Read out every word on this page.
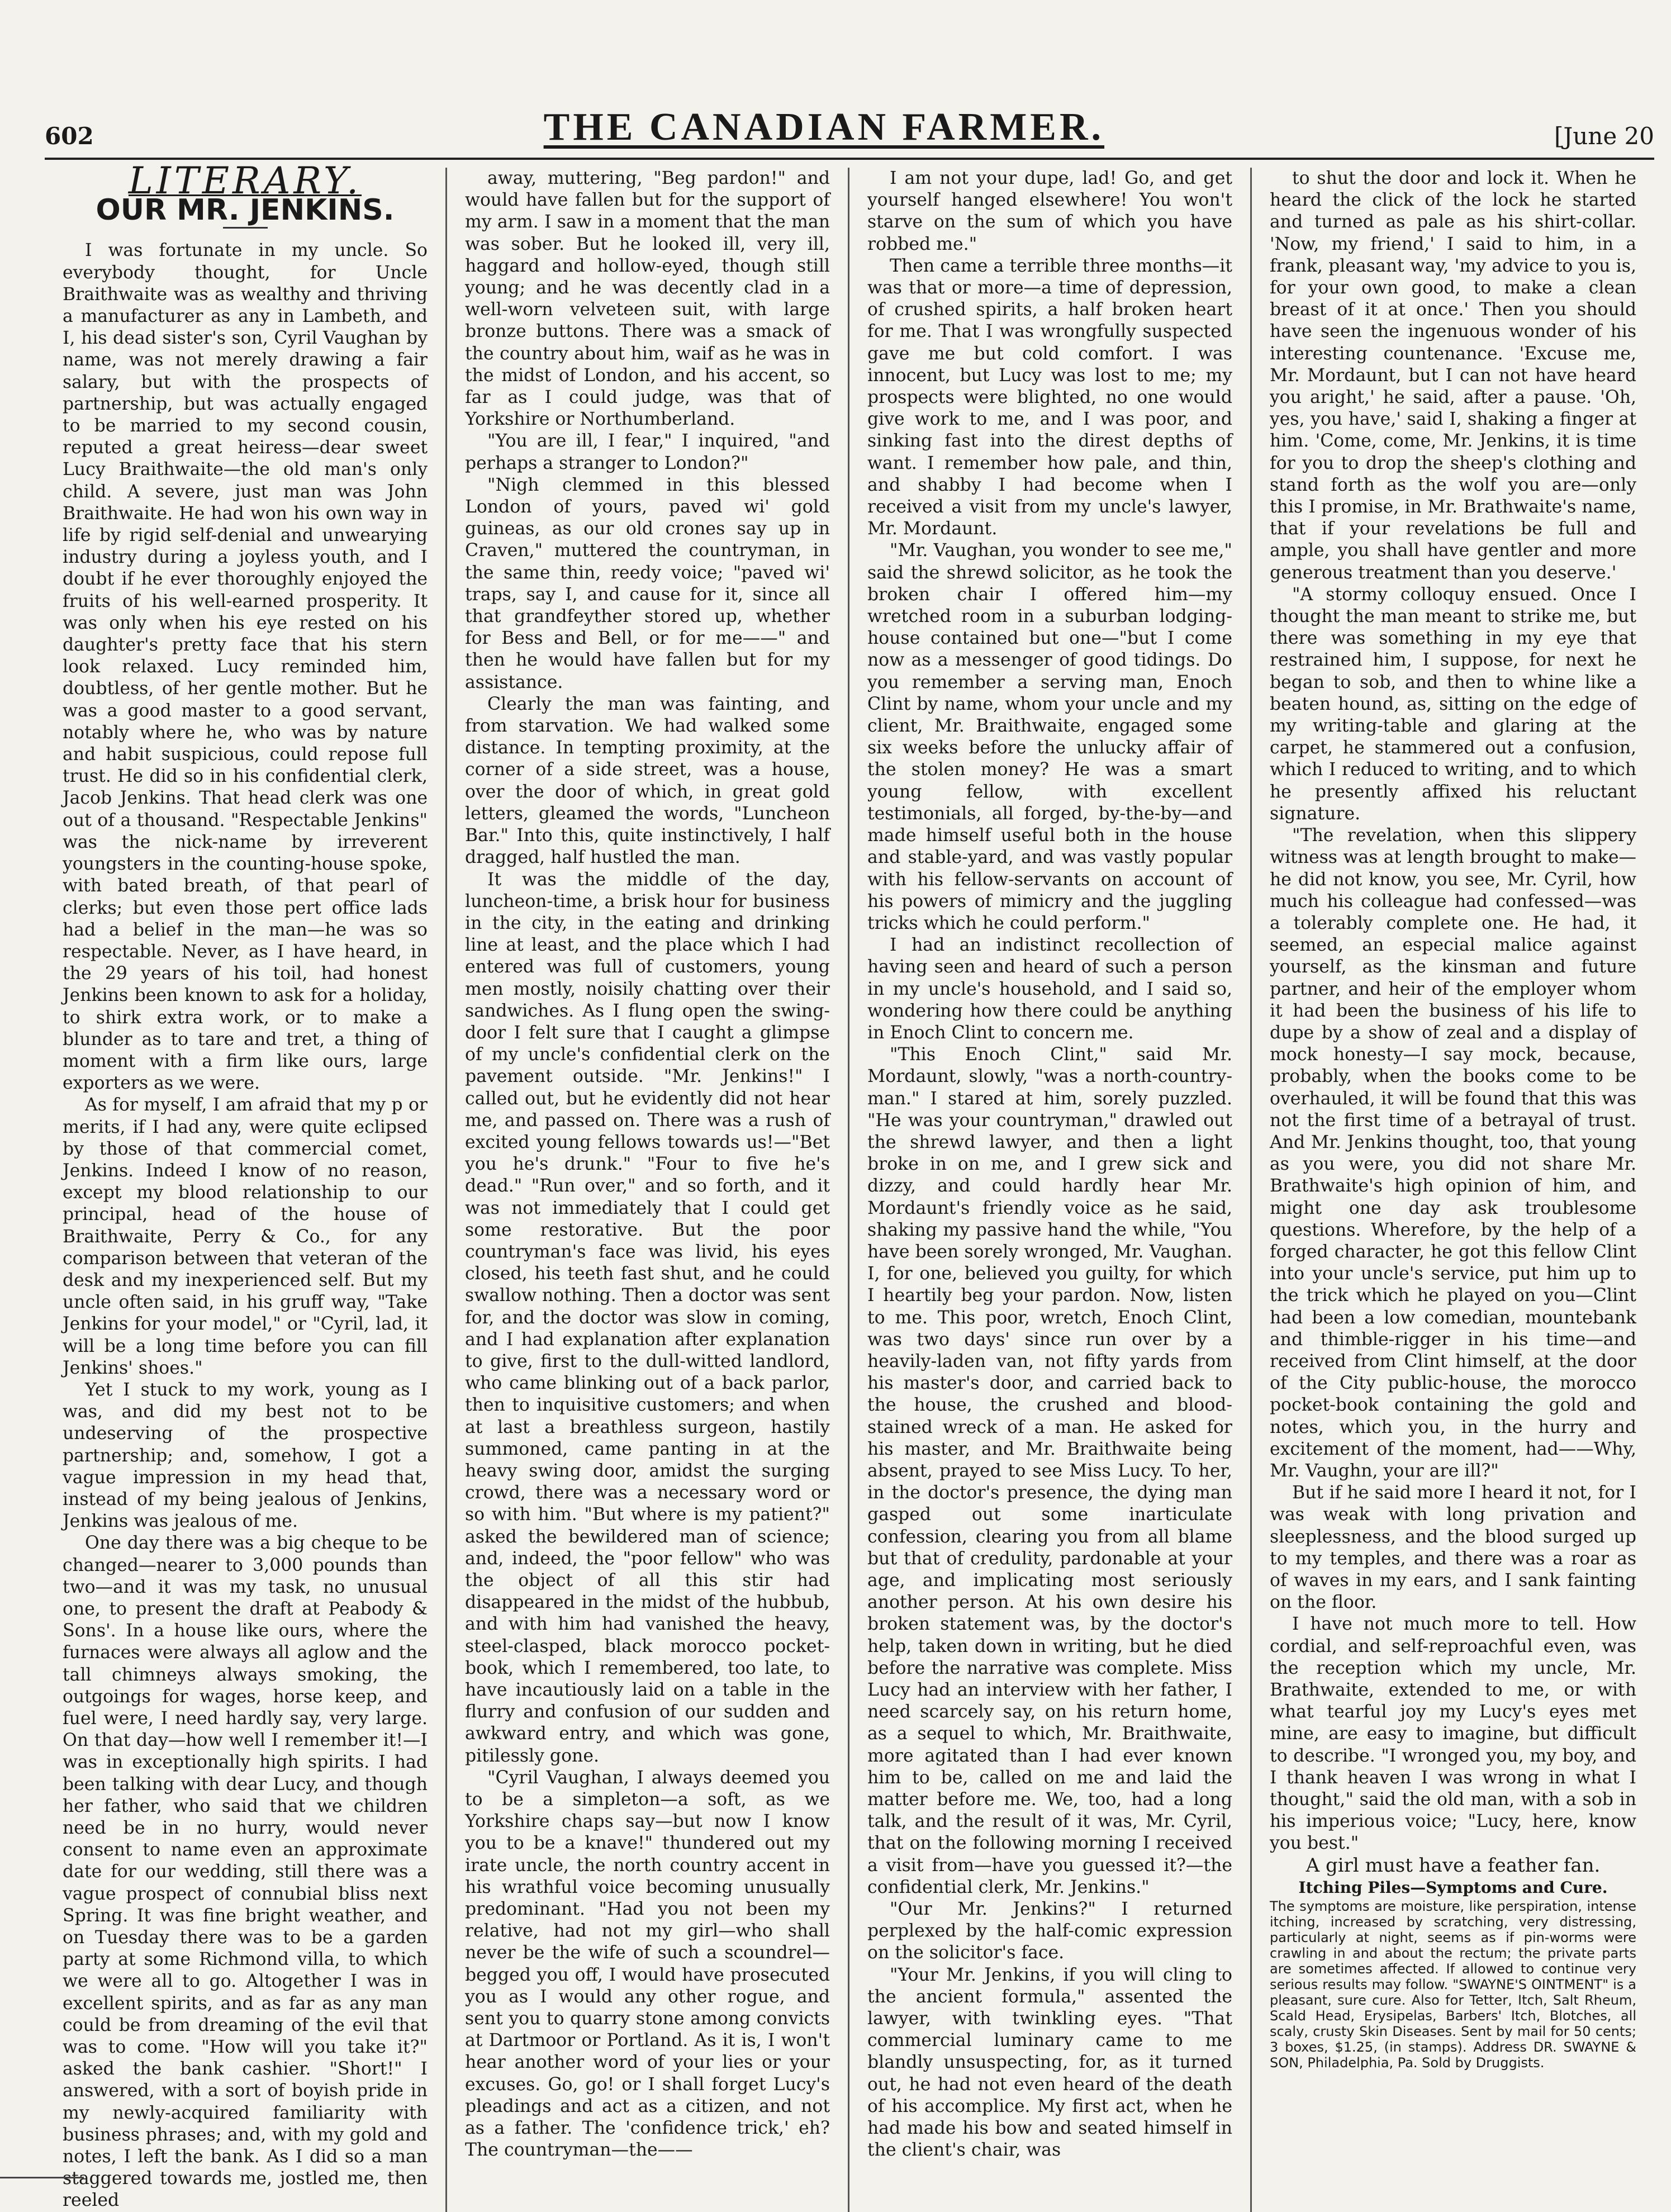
602	THE CANADIAN FARMER.	[June 20
LITERARY.
OUR MR. JENKINS.

I was fortunate in my uncle. So everybody thought, for Uncle Braithwaite was as wealthy and thriving a manufacturer as any in Lambeth, and I, his dead sister's son, Cyril Vaughan by name, was not merely drawing a fair salary, but with the prospects of partnership, but was actually engaged to be married to my second cousin, reputed a great heiress—dear sweet Lucy Braithwaite—the old man's only child. A severe, just man was John Braithwaite. He had won his own way in life by rigid self-denial and unwearying industry during a joyless youth, and I doubt if he ever thoroughly enjoyed the fruits of his well-earned prosperity. It was only when his eye rested on his daughter's pretty face that his stern look relaxed. Lucy reminded him, doubtless, of her gentle mother. But he was a good master to a good servant, notably where he, who was by nature and habit suspicious, could repose full trust. He did so in his confidential clerk, Jacob Jenkins. That head clerk was one out of a thousand. "Respectable Jenkins" was the nick-name by irreverent youngsters in the counting-house spoke, with bated breath, of that pearl of clerks; but even those pert office lads had a belief in the man—he was so respectable. Never, as I have heard, in the 29 years of his toil, had honest Jenkins been known to ask for a holiday, to shirk extra work, or to make a blunder as to tare and tret, a thing of moment with a firm like ours, large exporters as we were.

As for myself, I am afraid that my p or merits, if I had any, were quite eclipsed by those of that commercial comet, Jenkins. Indeed I know of no reason, except my blood relationship to our principal, head of the house of Braithwaite, Perry & Co., for any comparison between that veteran of the desk and my inexperienced self. But my uncle often said, in his gruff way, "Take Jenkins for your model," or "Cyril, lad, it will be a long time before you can fill Jenkins' shoes."

Yet I stuck to my work, young as I was, and did my best not to be undeserving of the prospective partnership; and, somehow, I got a vague impression in my head that, instead of my being jealous of Jenkins, Jenkins was jealous of me.

One day there was a big cheque to be changed—nearer to 3,000 pounds than two—and it was my task, no unusual one, to present the draft at Peabody & Sons'. In a house like ours, where the furnaces were always all aglow and the tall chimneys always smoking, the outgoings for wages, horse keep, and fuel were, I need hardly say, very large. On that day—how well I remember it!—I was in exceptionally high spirits. I had been talking with dear Lucy, and though her father, who said that we children need be in no hurry, would never consent to name even an approximate date for our wedding, still there was a vague prospect of connubial bliss next Spring. It was fine bright weather, and on Tuesday there was to be a garden party at some Richmond villa, to which we were all to go. Altogether I was in excellent spirits, and as far as any man could be from dreaming of the evil that was to come. "How will you take it?" asked the bank cashier. "Short!" I answered, with a sort of boyish pride in my newly-acquired familiarity with business phrases; and, with my gold and notes, I left the bank. As I did so a man staggered towards me, jostled me, then reeled

away, muttering, "Beg pardon!" and would have fallen but for the support of my arm. I saw in a moment that the man was sober. But he looked ill, very ill, haggard and hollow-eyed, though still young; and he was decently clad in a well-worn velveteen suit, with large bronze buttons. There was a smack of the country about him, waif as he was in the midst of London, and his accent, so far as I could judge, was that of Yorkshire or Northumberland.

"You are ill, I fear," I inquired, "and perhaps a stranger to London?"

"Nigh clemmed in this blessed London of yours, paved wi' gold guineas, as our old crones say up in Craven," muttered the countryman, in the same thin, reedy voice; "paved wi' traps, say I, and cause for it, since all that grandfeyther stored up, whether for Bess and Bell, or for me——" and then he would have fallen but for my assistance.

Clearly the man was fainting, and from starvation. We had walked some distance. In tempting proximity, at the corner of a side street, was a house, over the door of which, in great gold letters, gleamed the words, "Luncheon Bar." Into this, quite instinctively, I half dragged, half hustled the man.

It was the middle of the day, luncheon-time, a brisk hour for business in the city, in the eating and drinking line at least, and the place which I had entered was full of customers, young men mostly, noisily chatting over their sandwiches. As I flung open the swing-door I felt sure that I caught a glimpse of my uncle's confidential clerk on the pavement outside. "Mr. Jenkins!" I called out, but he evidently did not hear me, and passed on. There was a rush of excited young fellows towards us!—"Bet you he's drunk." "Four to five he's dead." "Run over," and so forth, and it was not immediately that I could get some restorative. But the poor countryman's face was livid, his eyes closed, his teeth fast shut, and he could swallow nothing. Then a doctor was sent for, and the doctor was slow in coming, and I had explanation after explanation to give, first to the dull-witted landlord, who came blinking out of a back parlor, then to inquisitive customers; and when at last a breathless surgeon, hastily summoned, came panting in at the heavy swing door, amidst the surging crowd, there was a necessary word or so with him. "But where is my patient?" asked the bewildered man of science; and, indeed, the "poor fellow" who was the object of all this stir had disappeared in the midst of the hubbub, and with him had vanished the heavy, steel-clasped, black morocco pocket-book, which I remembered, too late, to have incautiously laid on a table in the flurry and confusion of our sudden and awkward entry, and which was gone, pitilessly gone.

"Cyril Vaughan, I always deemed you to be a simpleton—a soft, as we Yorkshire chaps say—but now I know you to be a knave!" thundered out my irate uncle, the north country accent in his wrathful voice becoming unusually predominant. "Had you not been my relative, had not my girl—who shall never be the wife of such a scoundrel—begged you off, I would have prosecuted you as I would any other rogue, and sent you to quarry stone among convicts at Dartmoor or Portland. As it is, I won't hear another word of your lies or your excuses. Go, go! or I shall forget Lucy's pleadings and act as a citizen, and not as a father. The 'confidence trick,' eh? The countryman—the——

I am not your dupe, lad! Go, and get yourself hanged elsewhere! You won't starve on the sum of which you have robbed me."

Then came a terrible three months—it was that or more—a time of depression, of crushed spirits, a half broken heart for me. That I was wrongfully suspected gave me but cold comfort. I was innocent, but Lucy was lost to me; my prospects were blighted, no one would give work to me, and I was poor, and sinking fast into the direst depths of want. I remember how pale, and thin, and shabby I had become when I received a visit from my uncle's lawyer, Mr. Mordaunt.

"Mr. Vaughan, you wonder to see me," said the shrewd solicitor, as he took the broken chair I offered him—my wretched room in a suburban lodging-house contained but one—"but I come now as a messenger of good tidings. Do you remember a serving man, Enoch Clint by name, whom your uncle and my client, Mr. Braithwaite, engaged some six weeks before the unlucky affair of the stolen money? He was a smart young fellow, with excellent testimonials, all forged, by-the-by—and made himself useful both in the house and stable-yard, and was vastly popular with his fellow-servants on account of his powers of mimicry and the juggling tricks which he could perform."

I had an indistinct recollection of having seen and heard of such a person in my uncle's household, and I said so, wondering how there could be anything in Enoch Clint to concern me.

"This Enoch Clint," said Mr. Mordaunt, slowly, "was a north-country-man." I stared at him, sorely puzzled. "He was your countryman," drawled out the shrewd lawyer, and then a light broke in on me, and I grew sick and dizzy, and could hardly hear Mr. Mordaunt's friendly voice as he said, shaking my passive hand the while, "You have been sorely wronged, Mr. Vaughan. I, for one, believed you guilty, for which I heartily beg your pardon. Now, listen to me. This poor, wretch, Enoch Clint, was two days' since run over by a heavily-laden van, not fifty yards from his master's door, and carried back to the house, the crushed and blood-stained wreck of a man. He asked for his master, and Mr. Braithwaite being absent, prayed to see Miss Lucy. To her, in the doctor's presence, the dying man gasped out some inarticulate confession, clearing you from all blame but that of credulity, pardonable at your age, and implicating most seriously another person. At his own desire his broken statement was, by the doctor's help, taken down in writing, but he died before the narrative was complete. Miss Lucy had an interview with her father, I need scarcely say, on his return home, as a sequel to which, Mr. Braithwaite, more agitated than I had ever known him to be, called on me and laid the matter before me. We, too, had a long talk, and the result of it was, Mr. Cyril, that on the following morning I received a visit from—have you guessed it?—the confidential clerk, Mr. Jenkins."

"Our Mr. Jenkins?" I returned perplexed by the half-comic expression on the solicitor's face.

"Your Mr. Jenkins, if you will cling to the ancient formula," assented the lawyer, with twinkling eyes. "That commercial luminary came to me blandly unsuspecting, for, as it turned out, he had not even heard of the death of his accomplice. My first act, when he had made his bow and seated himself in the client's chair, was

to shut the door and lock it. When he heard the click of the lock he started and turned as pale as his shirt-collar. 'Now, my friend,' I said to him, in a frank, pleasant way, 'my advice to you is, for your own good, to make a clean breast of it at once.' Then you should have seen the ingenuous wonder of his interesting countenance. 'Excuse me, Mr. Mordaunt, but I can not have heard you aright,' he said, after a pause. 'Oh, yes, you have,' said I, shaking a finger at him. 'Come, come, Mr. Jenkins, it is time for you to drop the sheep's clothing and stand forth as the wolf you are—only this I promise, in Mr. Brathwaite's name, that if your revelations be full and ample, you shall have gentler and more generous treatment than you deserve.'

"A stormy colloquy ensued. Once I thought the man meant to strike me, but there was something in my eye that restrained him, I suppose, for next he began to sob, and then to whine like a beaten hound, as, sitting on the edge of my writing-table and glaring at the carpet, he stammered out a confusion, which I reduced to writing, and to which he presently affixed his reluctant signature.

"The revelation, when this slippery witness was at length brought to make—he did not know, you see, Mr. Cyril, how much his colleague had confessed—was a tolerably complete one. He had, it seemed, an especial malice against yourself, as the kinsman and future partner, and heir of the employer whom it had been the business of his life to dupe by a show of zeal and a display of mock honesty—I say mock, because, probably, when the books come to be overhauled, it will be found that this was not the first time of a betrayal of trust. And Mr. Jenkins thought, too, that young as you were, you did not share Mr. Brathwaite's high opinion of him, and might one day ask troublesome questions. Wherefore, by the help of a forged character, he got this fellow Clint into your uncle's service, put him up to the trick which he played on you—Clint had been a low comedian, mountebank and thimble-rigger in his time—and received from Clint himself, at the door of the City public-house, the morocco pocket-book containing the gold and notes, which you, in the hurry and excitement of the moment, had——Why, Mr. Vaughn, your are ill?"

But if he said more I heard it not, for I was weak with long privation and sleeplessness, and the blood surged up to my temples, and there was a roar as of waves in my ears, and I sank fainting on the floor.

I have not much more to tell. How cordial, and self-reproachful even, was the reception which my uncle, Mr. Brathwaite, extended to me, or with what tearful joy my Lucy's eyes met mine, are easy to imagine, but difficult to describe. "I wronged you, my boy, and I thank heaven I was wrong in what I thought," said the old man, with a sob in his imperious voice; "Lucy, here, know you best."

A girl must have a feather fan.

Itching Piles—Symptoms and Cure.

The symptoms are moisture, like perspiration, intense itching, increased by scratching, very distressing, particularly at night, seems as if pin-worms were crawling in and about the rectum; the private parts are sometimes affected. If allowed to continue very serious results may follow. "SWAYNE'S OINTMENT" is a pleasant, sure cure. Also for Tetter, Itch, Salt Rheum, Scald Head, Erysipelas, Barbers' Itch, Blotches, all scaly, crusty Skin Diseases. Sent by mail for 50 cents; 3 boxes, $1.25, (in stamps). Address DR. SWAYNE & SON, Philadelphia, Pa. Sold by Druggists.
